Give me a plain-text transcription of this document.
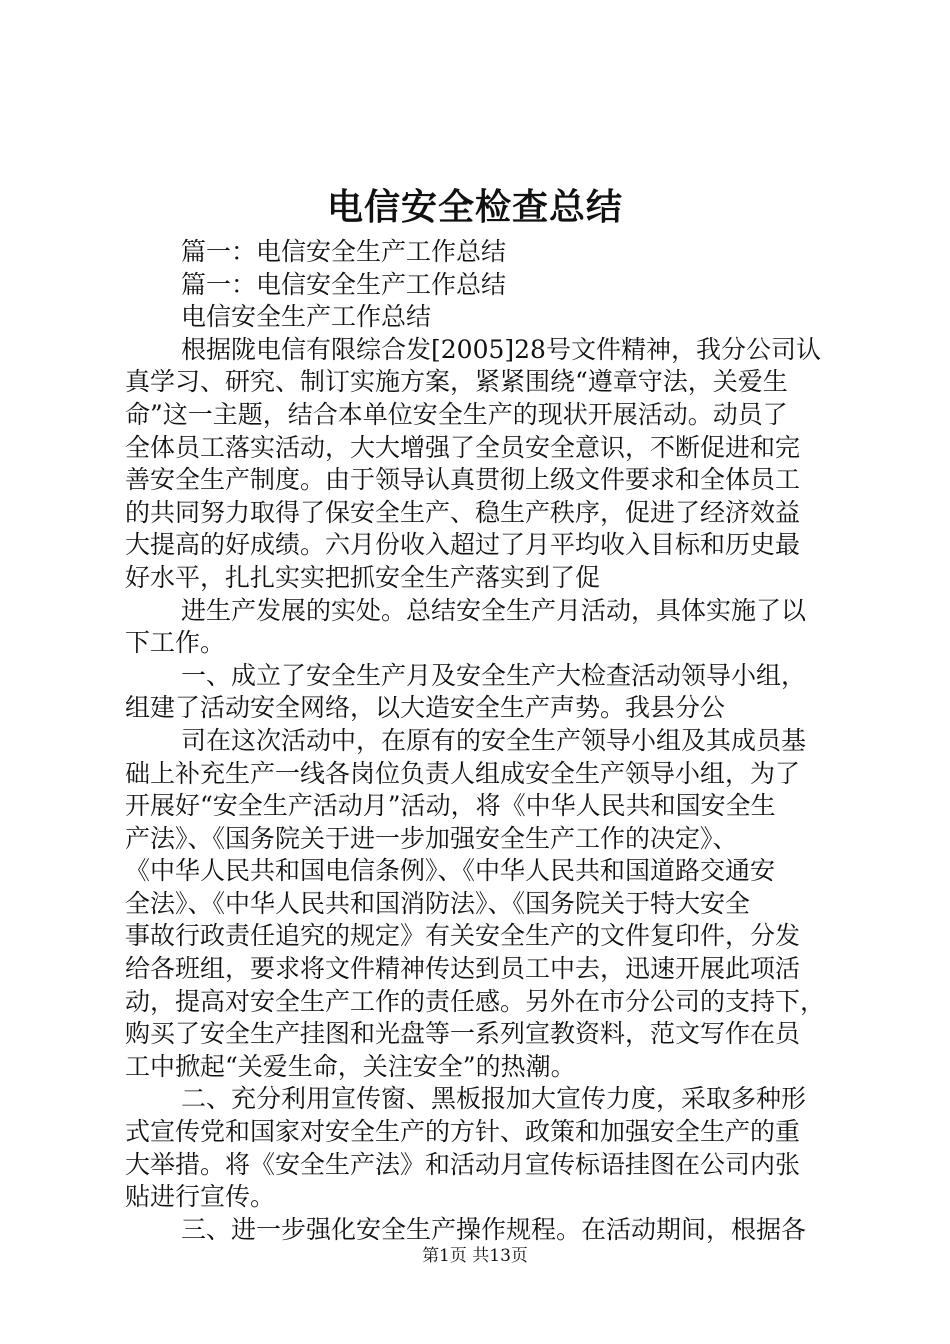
电信安全检查总结
篇一：电信安全生产工作总结
篇一：电信安全生产工作总结
电信安全生产工作总结
根据陇电信有限综合发[2005]28号文件精神，我分公司认
真学习、研究、制订实施方案，紧紧围绕“遵章守法，关爱生
命”这一主题，结合本单位安全生产的现状开展活动。动员了
全体员工落实活动，大大增强了全员安全意识，不断促进和完
善安全生产制度。由于领导认真贯彻上级文件要求和全体员工
的共同努力取得了保安全生产、稳生产秩序，促进了经济效益
大提高的好成绩。六月份收入超过了月平均收入目标和历史最
好水平，扎扎实实把抓安全生产落实到了促
进生产发展的实处。总结安全生产月活动，具体实施了以
下工作。
一、成立了安全生产月及安全生产大检查活动领导小组，
组建了活动安全网络，以大造安全生产声势。我县分公
司在这次活动中，在原有的安全生产领导小组及其成员基
础上补充生产一线各岗位负责人组成安全生产领导小组，为了
开展好“安全生产活动月”活动，将《中华人民共和国安全生
产法》、《国务院关于进一步加强安全生产工作的决定》、
《中华人民共和国电信条例》、《中华人民共和国道路交通安
全法》、《中华人民共和国消防法》、《国务院关于特大安全
事故行政责任追究的规定》有关安全生产的文件复印件，分发
给各班组，要求将文件精神传达到员工中去，迅速开展此项活
动，提高对安全生产工作的责任感。另外在市分公司的支持下，
购买了安全生产挂图和光盘等一系列宣教资料，范文写作在员
工中掀起“关爱生命，关注安全”的热潮。
二、充分利用宣传窗、黑板报加大宣传力度，采取多种形
式宣传党和国家对安全生产的方针、政策和加强安全生产的重
大举措。将《安全生产法》和活动月宣传标语挂图在公司内张
贴进行宣传。
三、进一步强化安全生产操作规程。在活动期间，根据各
第1页 共13页
